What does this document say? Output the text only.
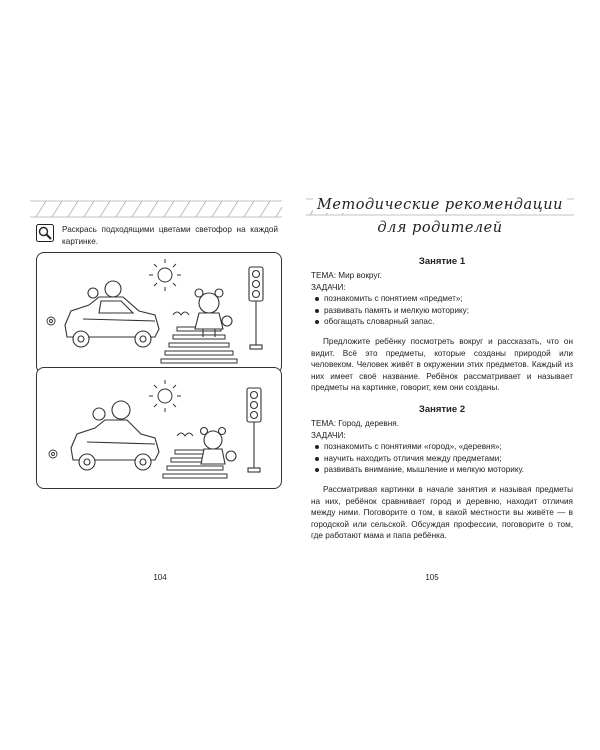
Раскрась подходящими цветами светофор на каждой картинке.
104
Методические рекомендации
для родителей

Занятие 1

ТЕМА: Мир вокруг.

ЗАДАЧИ:

познакомить с понятием «предмет»;
развивать память и мелкую моторику;
обогащать словарный запас.

Предложите ребёнку посмотреть вокруг и рассказать, что он видит. Всё это предметы, которые созданы природой или человеком. Человек живёт в окружении этих предметов. Каждый из них имеет своё название. Ребёнок рассматривает и называет предметы на картинке, говорит, кем они созданы.

Занятие 2

ТЕМА: Город, деревня.

ЗАДАЧИ:

познакомить с понятиями «город», «деревня»;
научить находить отличия между предметами;
развивать внимание, мышление и мелкую моторику.

Рассматривая картинки в начале занятия и называя предметы на них, ребёнок сравнивает город и деревню, находит отличия между ними. Поговорите о том, в какой местности вы живёте — в городской или сельской. Обсуждая профессии, поговорите о том, где работают мама и папа ребёнка.

105
